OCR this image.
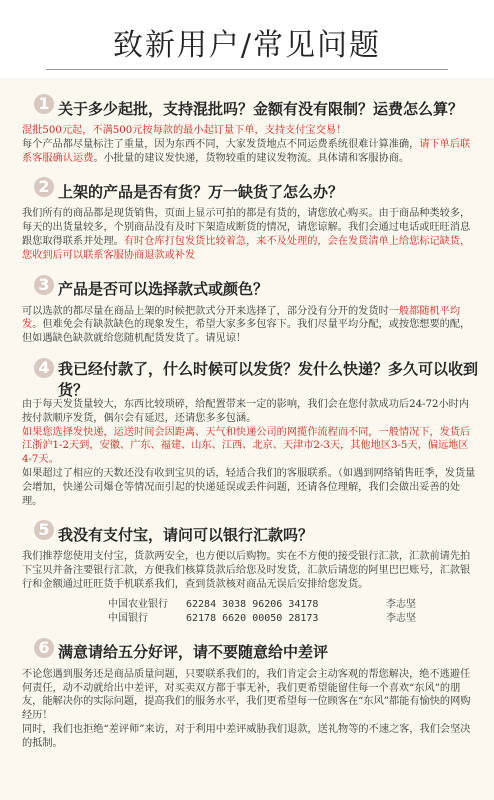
致新用户/常见问题
1 关于多少起批，支持混批吗？金额有没有限制？运费怎么算？
混批500元起，不满500元按每款的最小起订量下单，支持支付宝交易！
每个产品都尽量标注了重量，因为东西不同，大家发货地点不同运费系统很难计算准确，请下单后联系客服确认运费。小批量的建议发快递，货物较重的建议发物流。具体请和客服协商。
2 上架的产品是否有货？万一缺货了怎么办？
我们所有的商品都是现货销售，页面上显示可拍的都是有货的，请您放心购买。由于商品种类较多，每天的出货量较多，个别商品没有及时下架造成断货的情况，请您谅解。我们会通过电话或旺旺消息跟您取得联系并处理。有时仓库打包发货比较着急，来不及处理的，会在发货清单上给您标记缺货，您收到后可以联系客服协商退款或补发
3 产品是否可以选择款式或颜色？
可以选款的都尽量在商品上架的时候把款式分开来选择了，部分没有分开的发货时一般都随机平均发。但难免会有缺款缺色的现象发生，希望大家多多包容下。我们尽量平均分配，或按您想要的配，但如遇缺色缺款就给您随机配货发货了。请见谅！
4 我已经付款了，什么时候可以发货？发什么快递？多久可以收到货？
由于每天发货量较大，东西比较琐碎，给配置带来一定的影响，我们会在您付款成功后24-72小时内按付款顺序发货，偶尔会有延迟，还请您多多包涵。
如果您选择发快递，运送时间会因距离、天气和快递公司的网揽作流程而不同，一般情况下，发货后江浙沪1-2天到，安徽、广东、福建、山东、江西、北京、天津市2-3天，其他地区3-5天，偏远地区4-7天。
如果超过了相应的天数还没有收到宝贝的话，轻适合我们的客服联系。（如遇到网络销售旺季，发货量会增加，快递公司爆仓等情况而引起的快递延误或丢件问题，还请各位理解，我们会做出妥善的处理。
5 我没有支付宝，请问可以银行汇款吗？
我们推荐您使用支付宝，货款两安全，也方便以后购物。实在不方便的接受银行汇款，汇款前请先拍下宝贝并备注要银行汇款，方便我们核算货款后给您及时发货，汇款后请您的阿里巴巴账号，汇款银行和金额通过旺旺货手机联系我们，查到货款核对商品无误后安排给您发货。
中国农业银行 62284 3038 96206 34178	李志坚
中国银行	62178 6620 00050 28173	李志坚
6 满意请给五分好评，请不要随意给中差评
不论您遇到服务还是商品质量问题，只要联系我们的，我们肯定会主动客观的帮您解决，绝不逃避任何责任，动不动就给出中差评，对买卖双方都于事无补，我们更希望能留住每一个喜欢“东风”的朋友，能解决你的实际问题，提高我们的服务水平，我们更希望每一位顾客在“东风”都能有愉快的网购经历！
同时，我们也拒绝“差评师”来访，对于利用中差评威胁我们退款，送礼物等的不速之客，我们会坚决的抵制。
